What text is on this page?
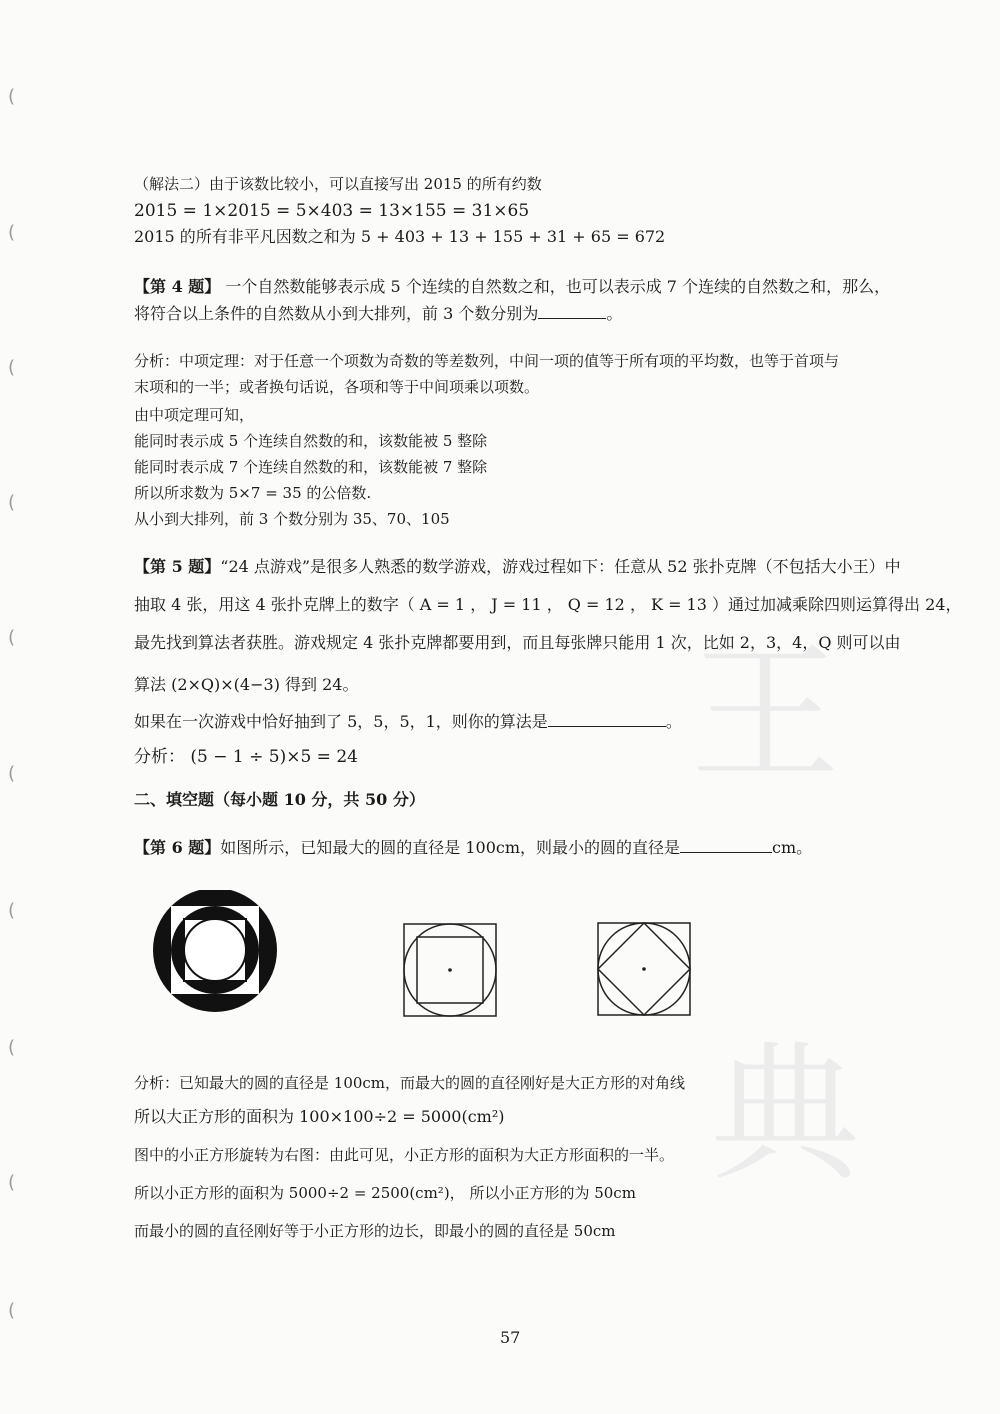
(
(
(
(
(
(
(
(
(
(
王
典
（解法二）由于该数比较小，可以直接写出 2015 的所有约数
2015 = 1×2015 = 5×403 = 13×155 = 31×65
2015 的所有非平凡因数之和为 5 + 403 + 13 + 155 + 31 + 65 = 672
【第 4 题】 一个自然数能够表示成 5 个连续的自然数之和，也可以表示成 7 个连续的自然数之和，那么，
将符合以上条件的自然数从小到大排列，前 3 个数分别为	。
分析：中项定理：对于任意一个项数为奇数的等差数列，中间一项的值等于所有项的平均数，也等于首项与
末项和的一半；或者换句话说，各项和等于中间项乘以项数。
由中项定理可知，
能同时表示成 5 个连续自然数的和，该数能被 5 整除
能同时表示成 7 个连续自然数的和，该数能被 7 整除
所以所求数为 5×7 = 35 的公倍数.
从小到大排列，前 3 个数分别为 35、70、105
【第 5 题】“24 点游戏”是很多人熟悉的数学游戏，游戏过程如下：任意从 52 张扑克牌（不包括大小王）中
抽取 4 张，用这 4 张扑克牌上的数字（ A = 1 ， J = 11 ， Q = 12 ， K = 13 ）通过加减乘除四则运算得出 24，
最先找到算法者获胜。游戏规定 4 张扑克牌都要用到，而且每张牌只能用 1 次，比如 2，3，4，Q 则可以由
算法 (2×Q)×(4−3) 得到 24。
如果在一次游戏中恰好抽到了 5，5，5，1，则你的算法是	。
分析： (5 − 1 ÷ 5)×5 = 24
二、填空题（每小题 10 分，共 50 分）
【第 6 题】如图所示，已知最大的圆的直径是 100cm，则最小的圆的直径是	cm。
分析：已知最大的圆的直径是 100cm，而最大的圆的直径刚好是大正方形的对角线
所以大正方形的面积为 100×100÷2 = 5000(cm²)
图中的小正方形旋转为右图：由此可见，小正方形的面积为大正方形面积的一半。
所以小正方形的面积为 5000÷2 = 2500(cm²)， 所以小正方形的为 50cm
而最小的圆的直径刚好等于小正方形的边长，即最小的圆的直径是 50cm
57
